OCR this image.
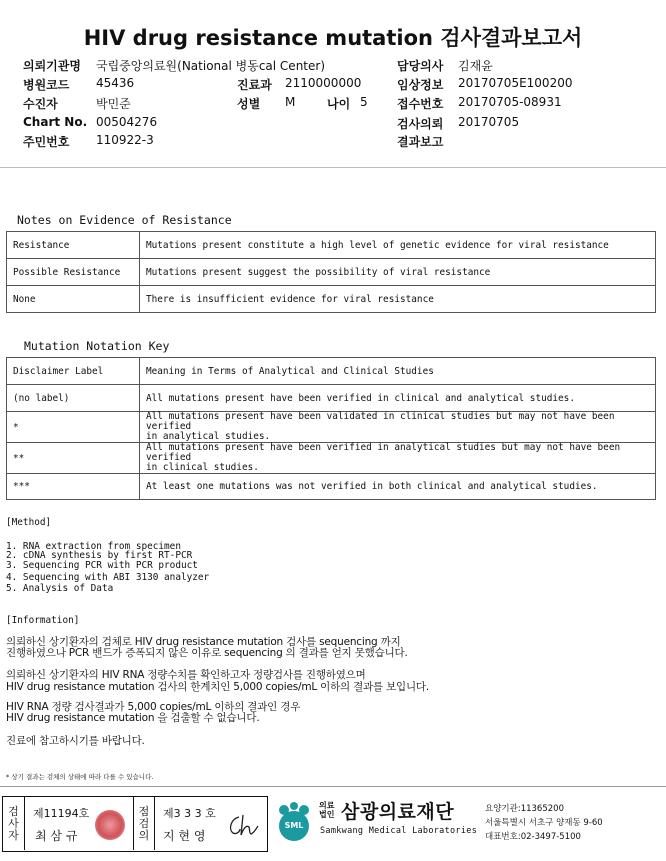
HIV drug resistance mutation 검사결과보고서
의뢰기관명 국립중앙의료원(National 병동cal Center)	담당의사 김재윤
병원코드 45436	진료과 2110000000	임상정보 20170705E100200
수진자	박민준	성별 M	나이 5 접수번호 20170705-08931
Chart No. 00504276	검사의뢰 20170705
주민번호 110922-3	결과보고
Notes on Evidence of Resistance
Resistance	Mutations present constitute a high level of genetic evidence for viral resistance
Possible Resistance	Mutations present suggest the possibility of viral resistance
None	There is insufficient evidence for viral resistance
Mutation Notation Key
Disclaimer Label	Meaning in Terms of Analytical and Clinical Studies
(no label)	All mutations present have been verified in clinical and analytical studies.
*	All mutations present have been validated in clinical studies but may not have been verified
in analytical studies.
**	All mutations present have been verified in analytical studies but may not have been verified
in clinical studies.
***	At least one mutations was not verified in both clinical and analytical studies.
[Method]
1. RNA extraction from specimen
2. cDNA synthesis by first RT-PCR
3. Sequencing PCR with PCR product
4. Sequencing with ABI 3130 analyzer
5. Analysis of Data
[Information]
의뢰하신 상기환자의 검체로 HIV drug resistance mutation 검사를 sequencing 까지
진행하였으나 PCR 밴드가 증폭되지 않은 이유로 sequencing 의 결과를 얻지 못했습니다.
의뢰하신 상기환자의 HIV RNA 정량수치를 확인하고자 정량검사를 진행하였으며
HIV drug resistance mutation 검사의 한계치인 5,000 copies/mL 이하의 결과를 보입니다.
HIV RNA 정량 검사결과가 5,000 copies/mL 이하의 결과인 경우
HIV drug resistance mutation 을 검출할 수 없습니다.
진료에 참고하시기를 바랍니다.
* 상기 결과는 검체의 상태에 따라 다를 수 있습니다.
검
사
자
제11194호
최 삼 규
점
검
의
제3 3 3 호
지 현 영
SML
의료
법인 삼광의료재단
Samkwang Medical Laboratories
요양기관:11365200
서울특별시 서초구 양재동 9-60
대표번호:02-3497-5100
